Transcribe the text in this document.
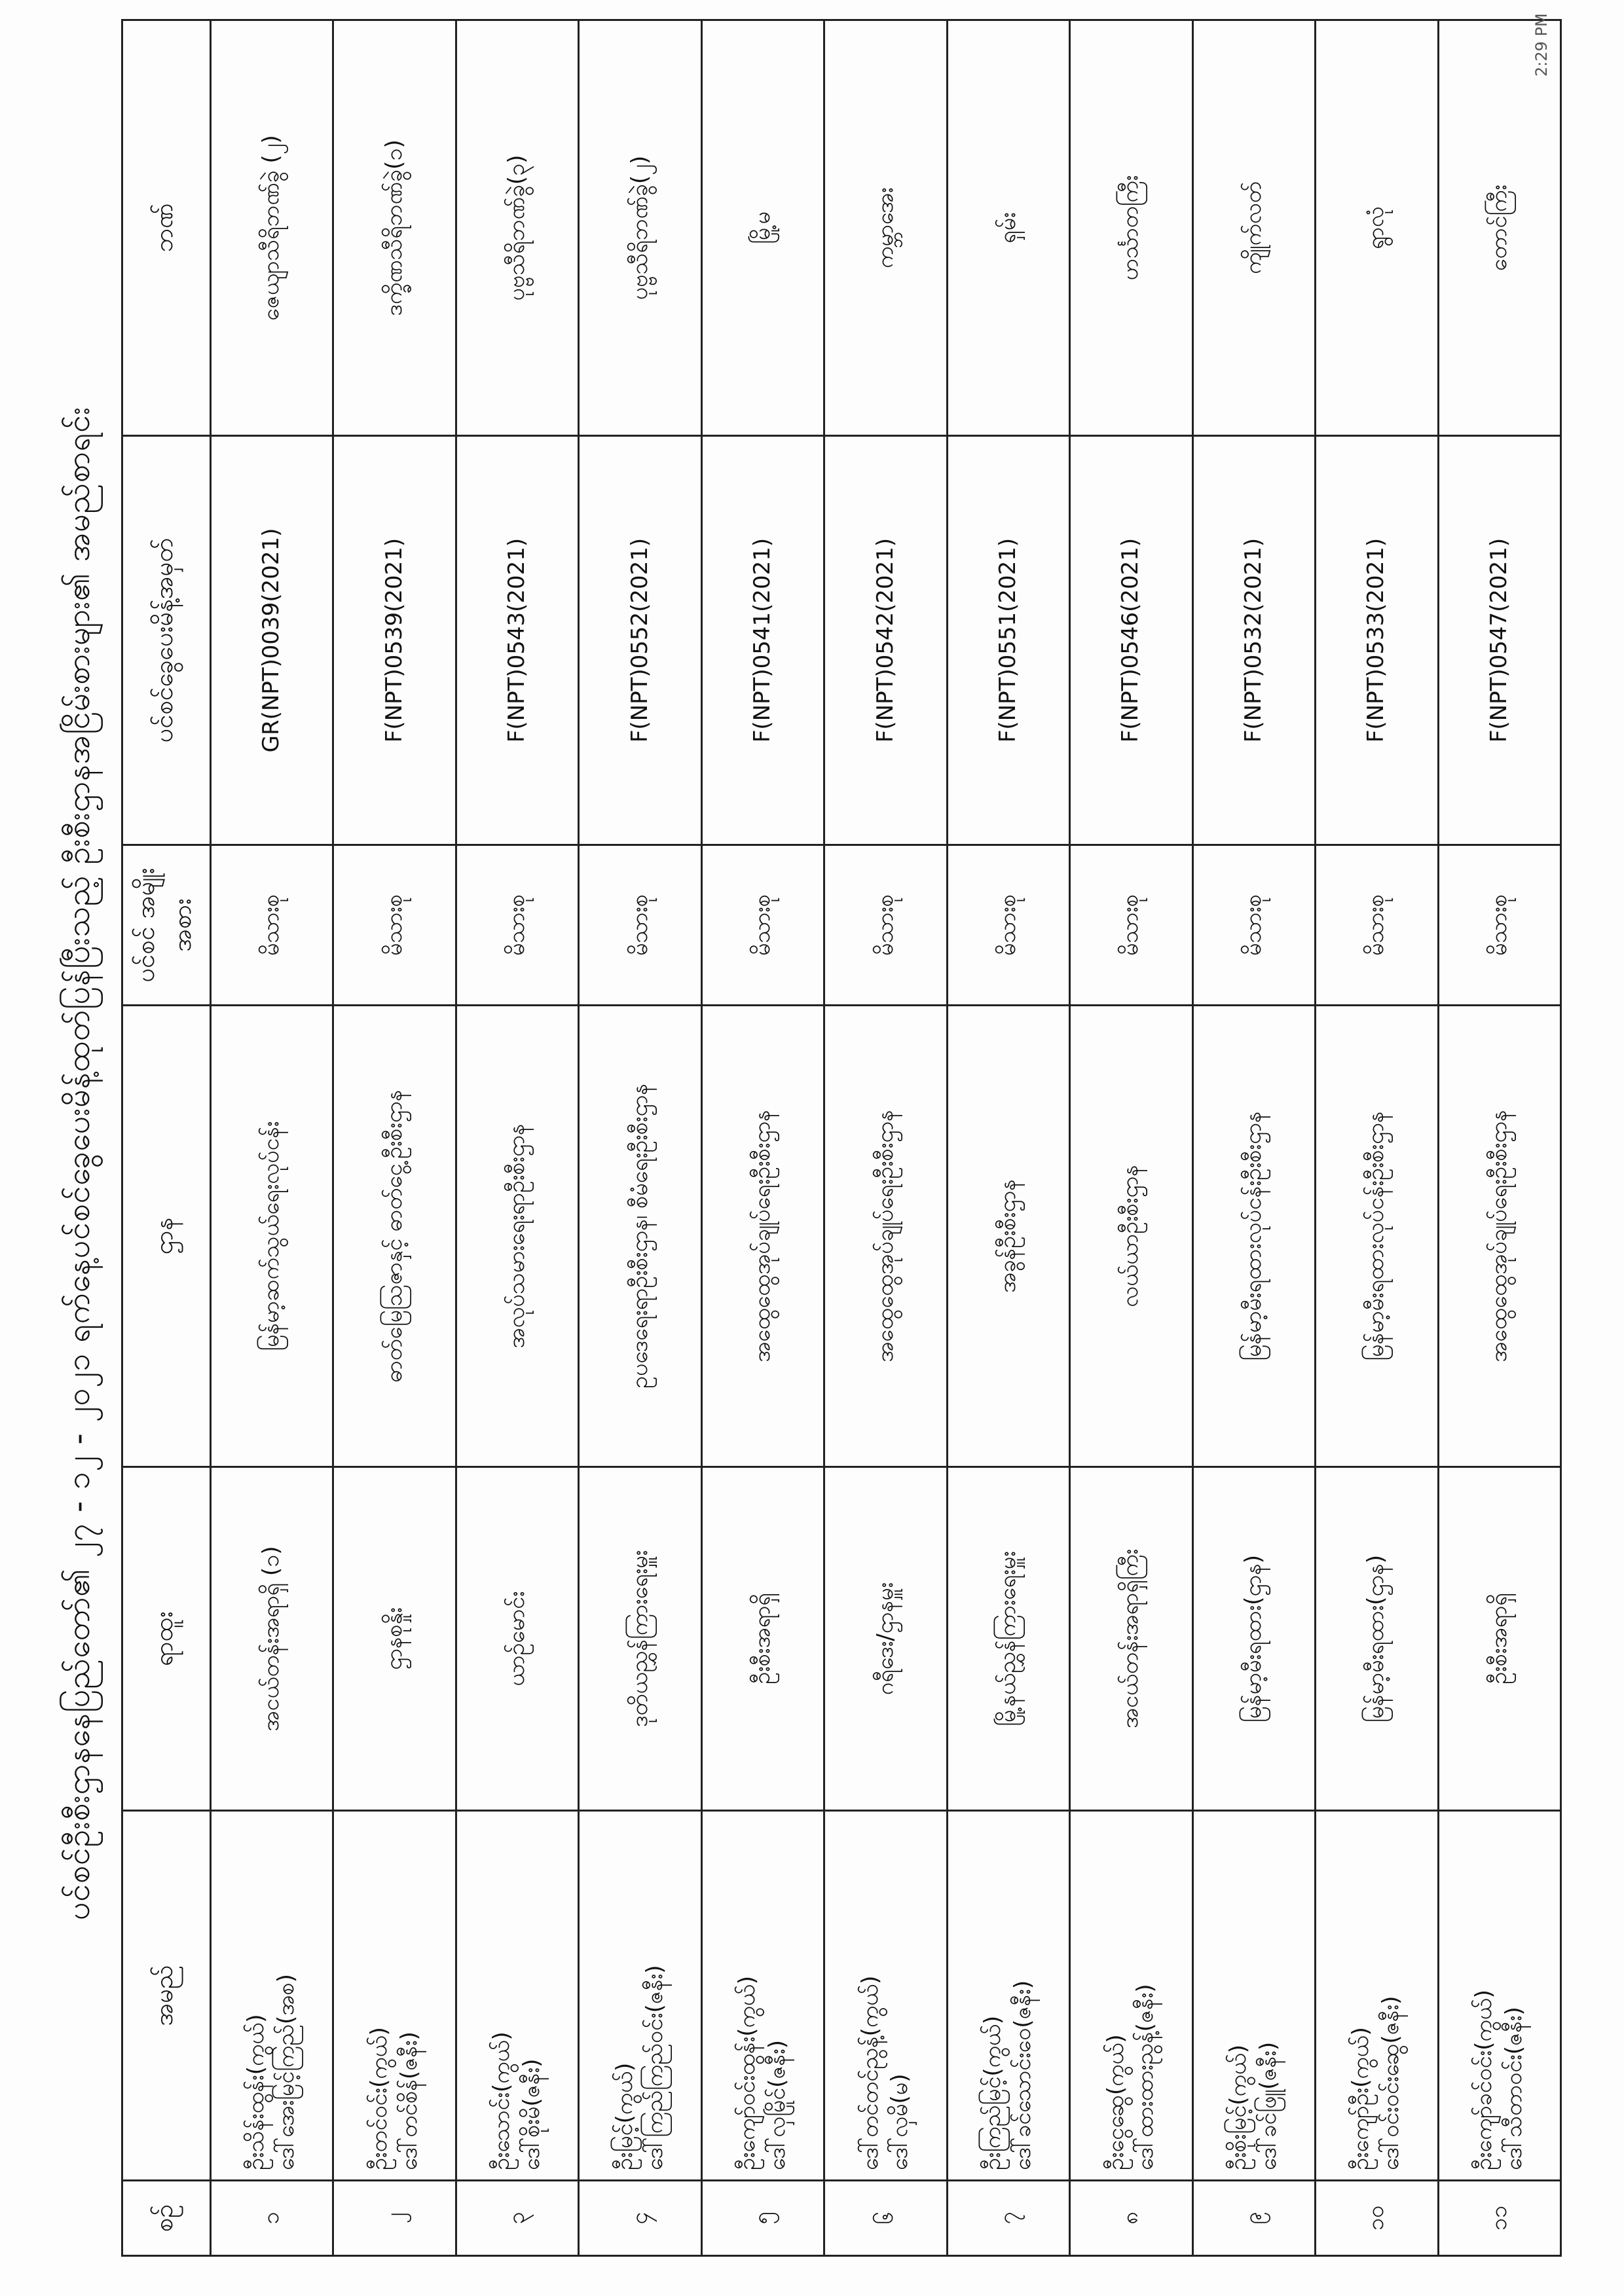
ပင်စင်ဦးစီးဌာနနေပြည်တော်၏ ၂၇ - ၁၂ - ၂၀၂၁ ရက်နေ့ပင်စင်ခွေပေးမိန့်ထုတ်ပြန်ပြီးသည့် ဦးစီးဌာနအငြိမ်းစားများ၏ အမည်စာရင်း
စဉ်	အမည်	ရာထူး	ဌာန	ပင်စင် အမျိုးအစား	ပင်စင်ခွေပေးမိန့်အမှတ်	ဘဏ်

၁	ဦးသိန်းထွန်း(ကွယ်) ဒေါ်အေးမြင့်ကြည်(အစ)	အငယ်တန်းအရာရှိ (၁)	မြန်မာ့ဆက်သွယ်ရေးလုပ်ငန်း	မိသားစု	GR(NPT)0039(2021)	ဇေယျာသီရိဘဏ်ခွဲ (၂)

၂	ဦးတင်ဝင်း(ကွယ်) ဒေါ်တင်စိန်(ဇနီး)	ဌာနစုနှိုး	ဓာတ်မြေသြဇာနှင့် ဓာတ်ငွေ့ဦးစီးဌာန	မိသားစု	F(NPT)0539(2021)	ဒက္ခိဏသီရိဘဏ်ခွဲ(၁)

၃	ဦးသောင်း(ကွယ်) ဒေါ်စိုးမိ(ဇနီး)	ယာဉ်မောင်း	အလုပ်သမားရေးရာဦးစီးဌာန	မိသားစု	F(NPT)0543(2021)	ပုဗ္ဗသီရိဘဏ်ခွဲ(၃)

၄	ဦးမြင့်(ကွယ်) ဒေါ်ကြည်ကြည်ဝင်း(ဇနီး)	ဒုတိယညွှန်ကြားရေးမှူး	ဥပဒေရေးရာဦးစီးဌာန၊ စီမံရေးဦးစီးဌာန	မိသားစု	F(NPT)0552(2021)	ပုဗ္ဗသီရိဘဏ်ခွဲ(၂)

၅	ဦးကျော်ဝင်းထွန်း(ကွယ်) ဒေါ်လှမြိုင်(ဇနီး)	ဦးစီးအရာရှိ	အထွေထွေအုပ်ချုပ်ရေးဦးစီးဌာန	မိသားစု	F(NPT)0541(2021)	မြို့မ

၆	ဒေါ်တင်တင်ညွန့်(ကွယ်) ဒေါ်လှမိ(မ)	ဂရီဒေး/ဌာနမှူး	အထွေထွေအုပ်ချုပ်ရေးဦးစီးဌာန	မိသားစု	F(NPT)0542(2021)	ကမ္ဘာအေး

၇	ဦးကြည်မြင့်(ကွယ်) ဒေါ်ခင်သောင်းဝေ(ဇနီး)	မြို့နယ်ညွှန်ကြားရေးမှူး	အခွန်ဦးစီးဌာန	မိသားစု	F(NPT)0551(2021)	ရှမ်း

၈	ဦးငွေဆွေ(ကွယ်) ဒေါ်ထားထားညွန့်(ဇနီး)	အငယ်တန်းအရာရှိကြီး	လယ်ယာဦးစီးဌာန	မိသားစု	F(NPT)0546(2021)	ဟင်္သာတကြီး

၉	ဦးစိုးမြင့်(ကွယ်) ဒေါ်ခင်ဖြူ(ဇနီး)	မြန်မာ့မီးရထား(ဌာန)	မြန်မာ့မီးရထားလုပ်ငန်းဦးစီးဌာန	မိသားစု	F(NPT)0532(2021)	ကျိုက်လတ်

၁၀	ဦးကျော်ဦး(ကွယ်) ဒေါ်ဝင်းဝင်းဆွေ(ဇနီး)	မြန်မာ့မီးရထား(ဌာန)	မြန်မာ့မီးရထားလုပ်ငန်းဦးစီးဌာန	မိသားစု	F(NPT)0533(2021)	ရွာလုံ

၁၁	ဦးကျော်ခင်ဝင်း(ကွယ်) ဒေါ်သီတာဝင်း(ဇနီး)	ဦးစီးအရာရှိ	အထွေထွေအုပ်ချုပ်ရေးဦးစီးဌာန	မိသားစု	F(NPT)0547(2021)	တောင်ကြီး
2:29 PM
